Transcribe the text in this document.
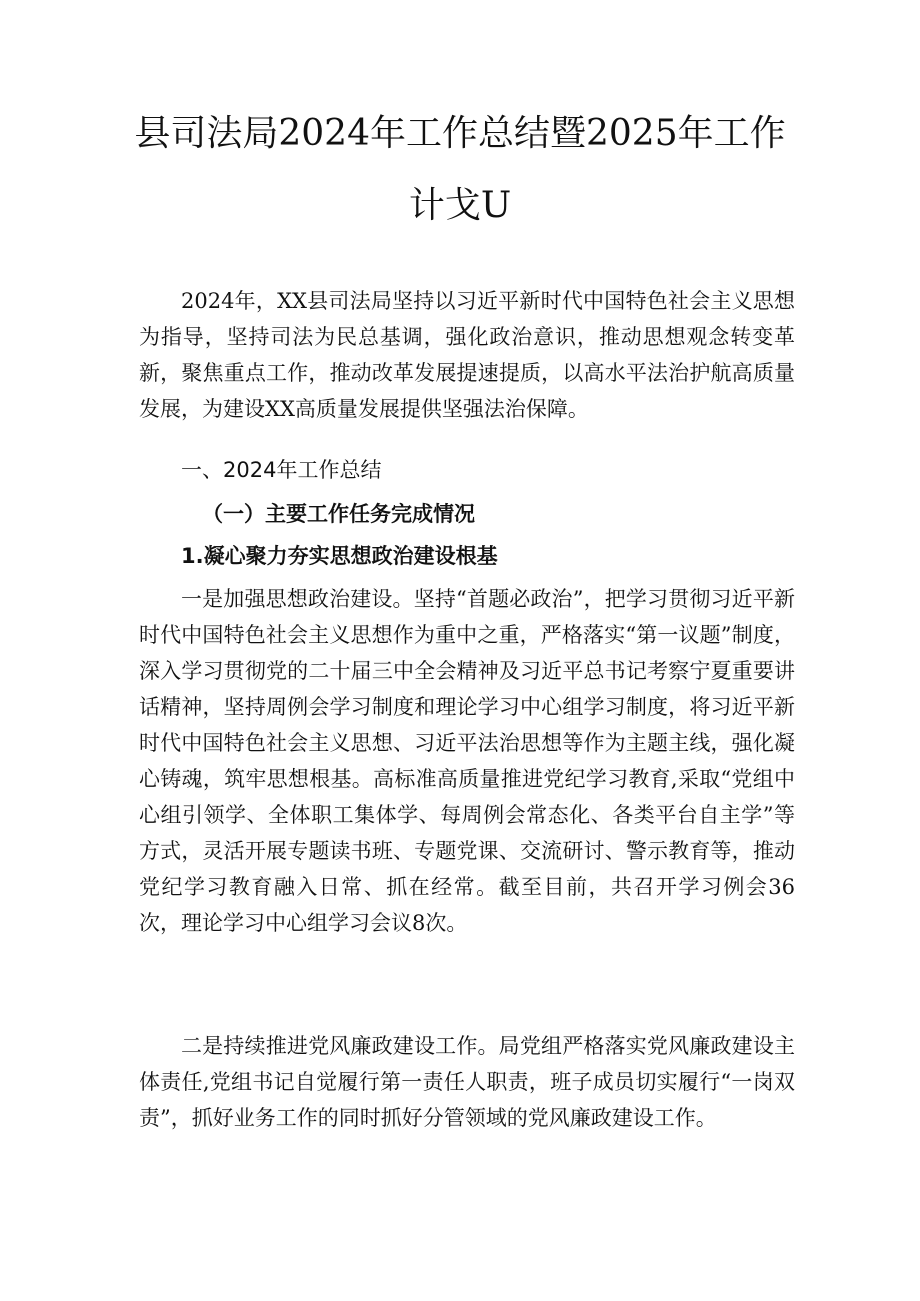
县司法局2024年工作总结暨2025年工作
计戈U

2024年，XX县司法局坚持以习近平新时代中国特色社会主义思想为指导，坚持司法为民总基调，强化政治意识，推动思想观念转变革新，聚焦重点工作，推动改革发展提速提质，以高水平法治护航高质量发展，为建设XX高质量发展提供坚强法治保障。

一、2024年工作总结

（一）主要工作任务完成情况

1.凝心聚力夯实思想政治建设根基

一是加强思想政治建设。坚持“首题必政治”，把学习贯彻习近平新时代中国特色社会主义思想作为重中之重，严格落实“第一议题”制度，深入学习贯彻党的二十届三中全会精神及习近平总书记考察宁夏重要讲话精神，坚持周例会学习制度和理论学习中心组学习制度，将习近平新时代中国特色社会主义思想、习近平法治思想等作为主题主线，强化凝心铸魂，筑牢思想根基。高标准高质量推进党纪学习教育,采取“党组中心组引领学、全体职工集体学、每周例会常态化、各类平台自主学”等方式，灵活开展专题读书班、专题党课、交流研讨、警示教育等，推动党纪学习教育融入日常、抓在经常。截至目前，共召开学习例会36次，理论学习中心组学习会议8次。

二是持续推进党风廉政建设工作。局党组严格落实党风廉政建设主体责任,党组书记自觉履行第一责任人职责，班子成员切实履行“一岗双责”，抓好业务工作的同时抓好分管领域的党风廉政建设工作。
